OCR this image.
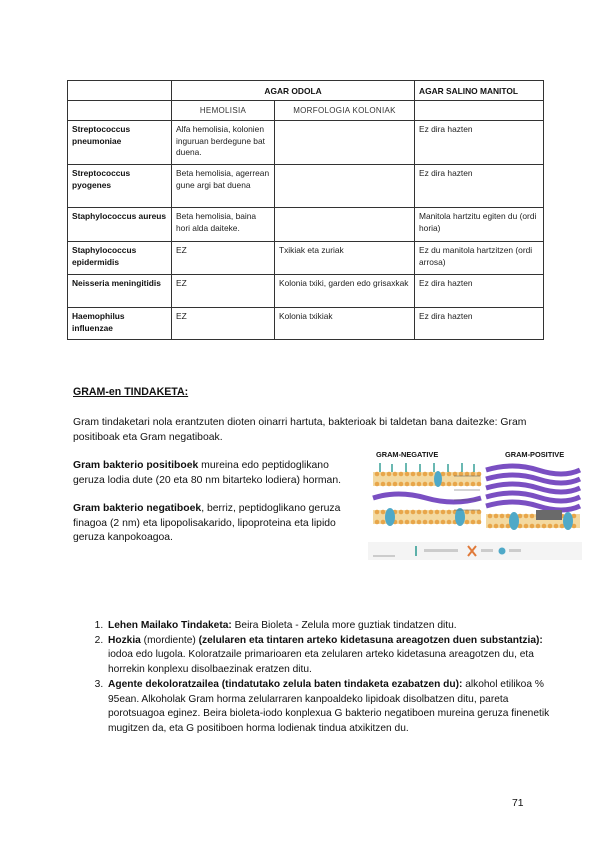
	AGAR ODOLA		AGAR SALINO MANITOL
	HEMOLISIA	MORFOLOGIA KOLONIAK	
Streptococcus pneumoniae	Alfa hemolisia, kolonien inguruan berdegune bat duena.		Ez dira hazten
Streptococcus pyogenes	Beta hemolisia, agerrean gune argi bat duena		Ez dira hazten
Staphylococcus aureus	Beta hemolisia, baina hori alda daiteke.		Manitola hartzitu egiten du (ordi horia)
Staphylococcus epidermidis	EZ	Txikiak eta zuriak	Ez du manitola hartzitzen (ordi arrosa)
Neisseria meningitidis	EZ	Kolonia txiki, garden edo grisaxkak	Ez dira hazten
Haemophilus influenzae	EZ	Kolonia txikiak	Ez dira hazten
GRAM-en TINDAKETA:
Gram tindaketari nola erantzuten dioten oinarri hartuta, bakterioak bi taldetan bana daitezke: Gram positiboak eta Gram negatiboak.
Gram bakterio positiboek mureina edo peptidoglikano geruza lodia dute (20 eta 80 nm bitarteko lodiera) horman.
Gram bakterio negatiboek, berriz, peptidoglikano geruza finagoa (2 nm) eta lipopolisakarido, lipoproteina eta lipido geruza kanpokoagoa.
GRAM-NEGATIVE	GRAM-POSITIVE
1. Lehen Mailako Tindaketa: Beira Bioleta - Zelula more guztiak tindatzen ditu.
2. Hozkia (mordiente) (zelularen eta tintaren arteko kidetasuna areagotzen duen substantzia): iodoa edo lugola. Koloratzaile primarioaren eta zelularen arteko kidetasuna areagotzen du, eta horrekin konplexu disolbaezinak eratzen ditu.
3. Agente dekoloratzailea (tindatutako zelula baten tindaketa ezabatzen du): alkohol etilikoa % 95ean. Alkoholak Gram horma zelularraren kanpoaldeko lipidoak disolbatzen ditu, pareta porotsuagoa eginez. Beira bioleta-iodo konplexua G bakterio negatiboen mureina geruza finenetik mugitzen da, eta G positiboen horma lodienak tindua atxikitzen du.
71
